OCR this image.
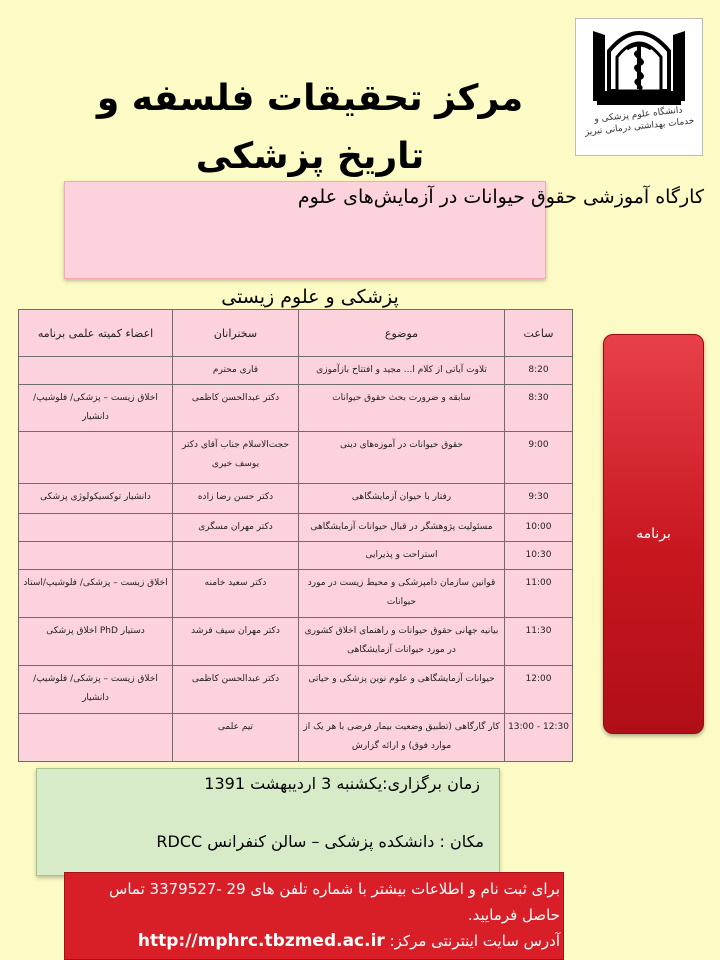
دانشگاه علوم پزشکی و خدمات بهداشتی درمانی تبریز
مرکز تحقیقات فلسفه و
تاریخ پزشکی
کارگاه آموزشی حقوق حیوانات در آزمایش‌های علوم
پزشکی و علوم زیستی
ساعت	موضوع	سخنرانان	اعضاء کمیته علمی برنامه
8:20	تلاوت آیاتی از کلام ا... مجید و افتتاح بازآموزی	قاری محترم	
8:30	سابقه و ضرورت بحث حقوق حیوانات	دکتر عبدالحسن کاظمی	اخلاق زیست – پزشکی/ فلوشیپ/دانشیار
9:00	حقوق حیوانات در آموزه‌های دینی	حجت‌الاسلام جناب آقای دکتر یوسف خیری	
9:30	رفتار با حیوان آزمایشگاهی	دکتر حسن رضا زاده	دانشیار توکسیکولوژی پزشکی
10:00	مسئولیت پژوهشگر در قبال حیوانات آزمایشگاهی	دکتر مهران مسگری	
10:30	استراحت و پذیرایی		
11:00	قوانین سازمان دامپزشکی و محیط زیست در مورد حیوانات	دکتر سعید خامنه	اخلاق زیست – پزشکی/ فلوشیپ/استاد
11:30	بیانیه جهانی حقوق حیوانات و راهنمای اخلاق کشوری در مورد حیوانات آزمایشگاهی	دکتر مهران سیف فرشد	دستیار PhD اخلاق پزشکی
12:00	حیوانات آزمایشگاهی و علوم نوین پزشکی و حیاتی	دکتر عبدالحسن کاظمی	اخلاق زیست – پزشکی/ فلوشیپ/دانشیار
12:30 - 13:00	کار گارگاهی (تطبیق وضعیت بیمار فرضی با هر یک از موارد فوق) و ارائه گزارش	تیم علمی	
برنامه
زمان برگزاری:یکشنبه 3 اردیبهشت 1391
مکان : دانشکده پزشکی – سالن کنفرانس RDCC
برای ثبت نام و اطلاعات بیشتر با شماره تلفن های 29 -3379527 تماس حاصل فرمایید.
آدرس سایت اینترنتی مرکز: http://mphrc.tbzmed.ac.ir
